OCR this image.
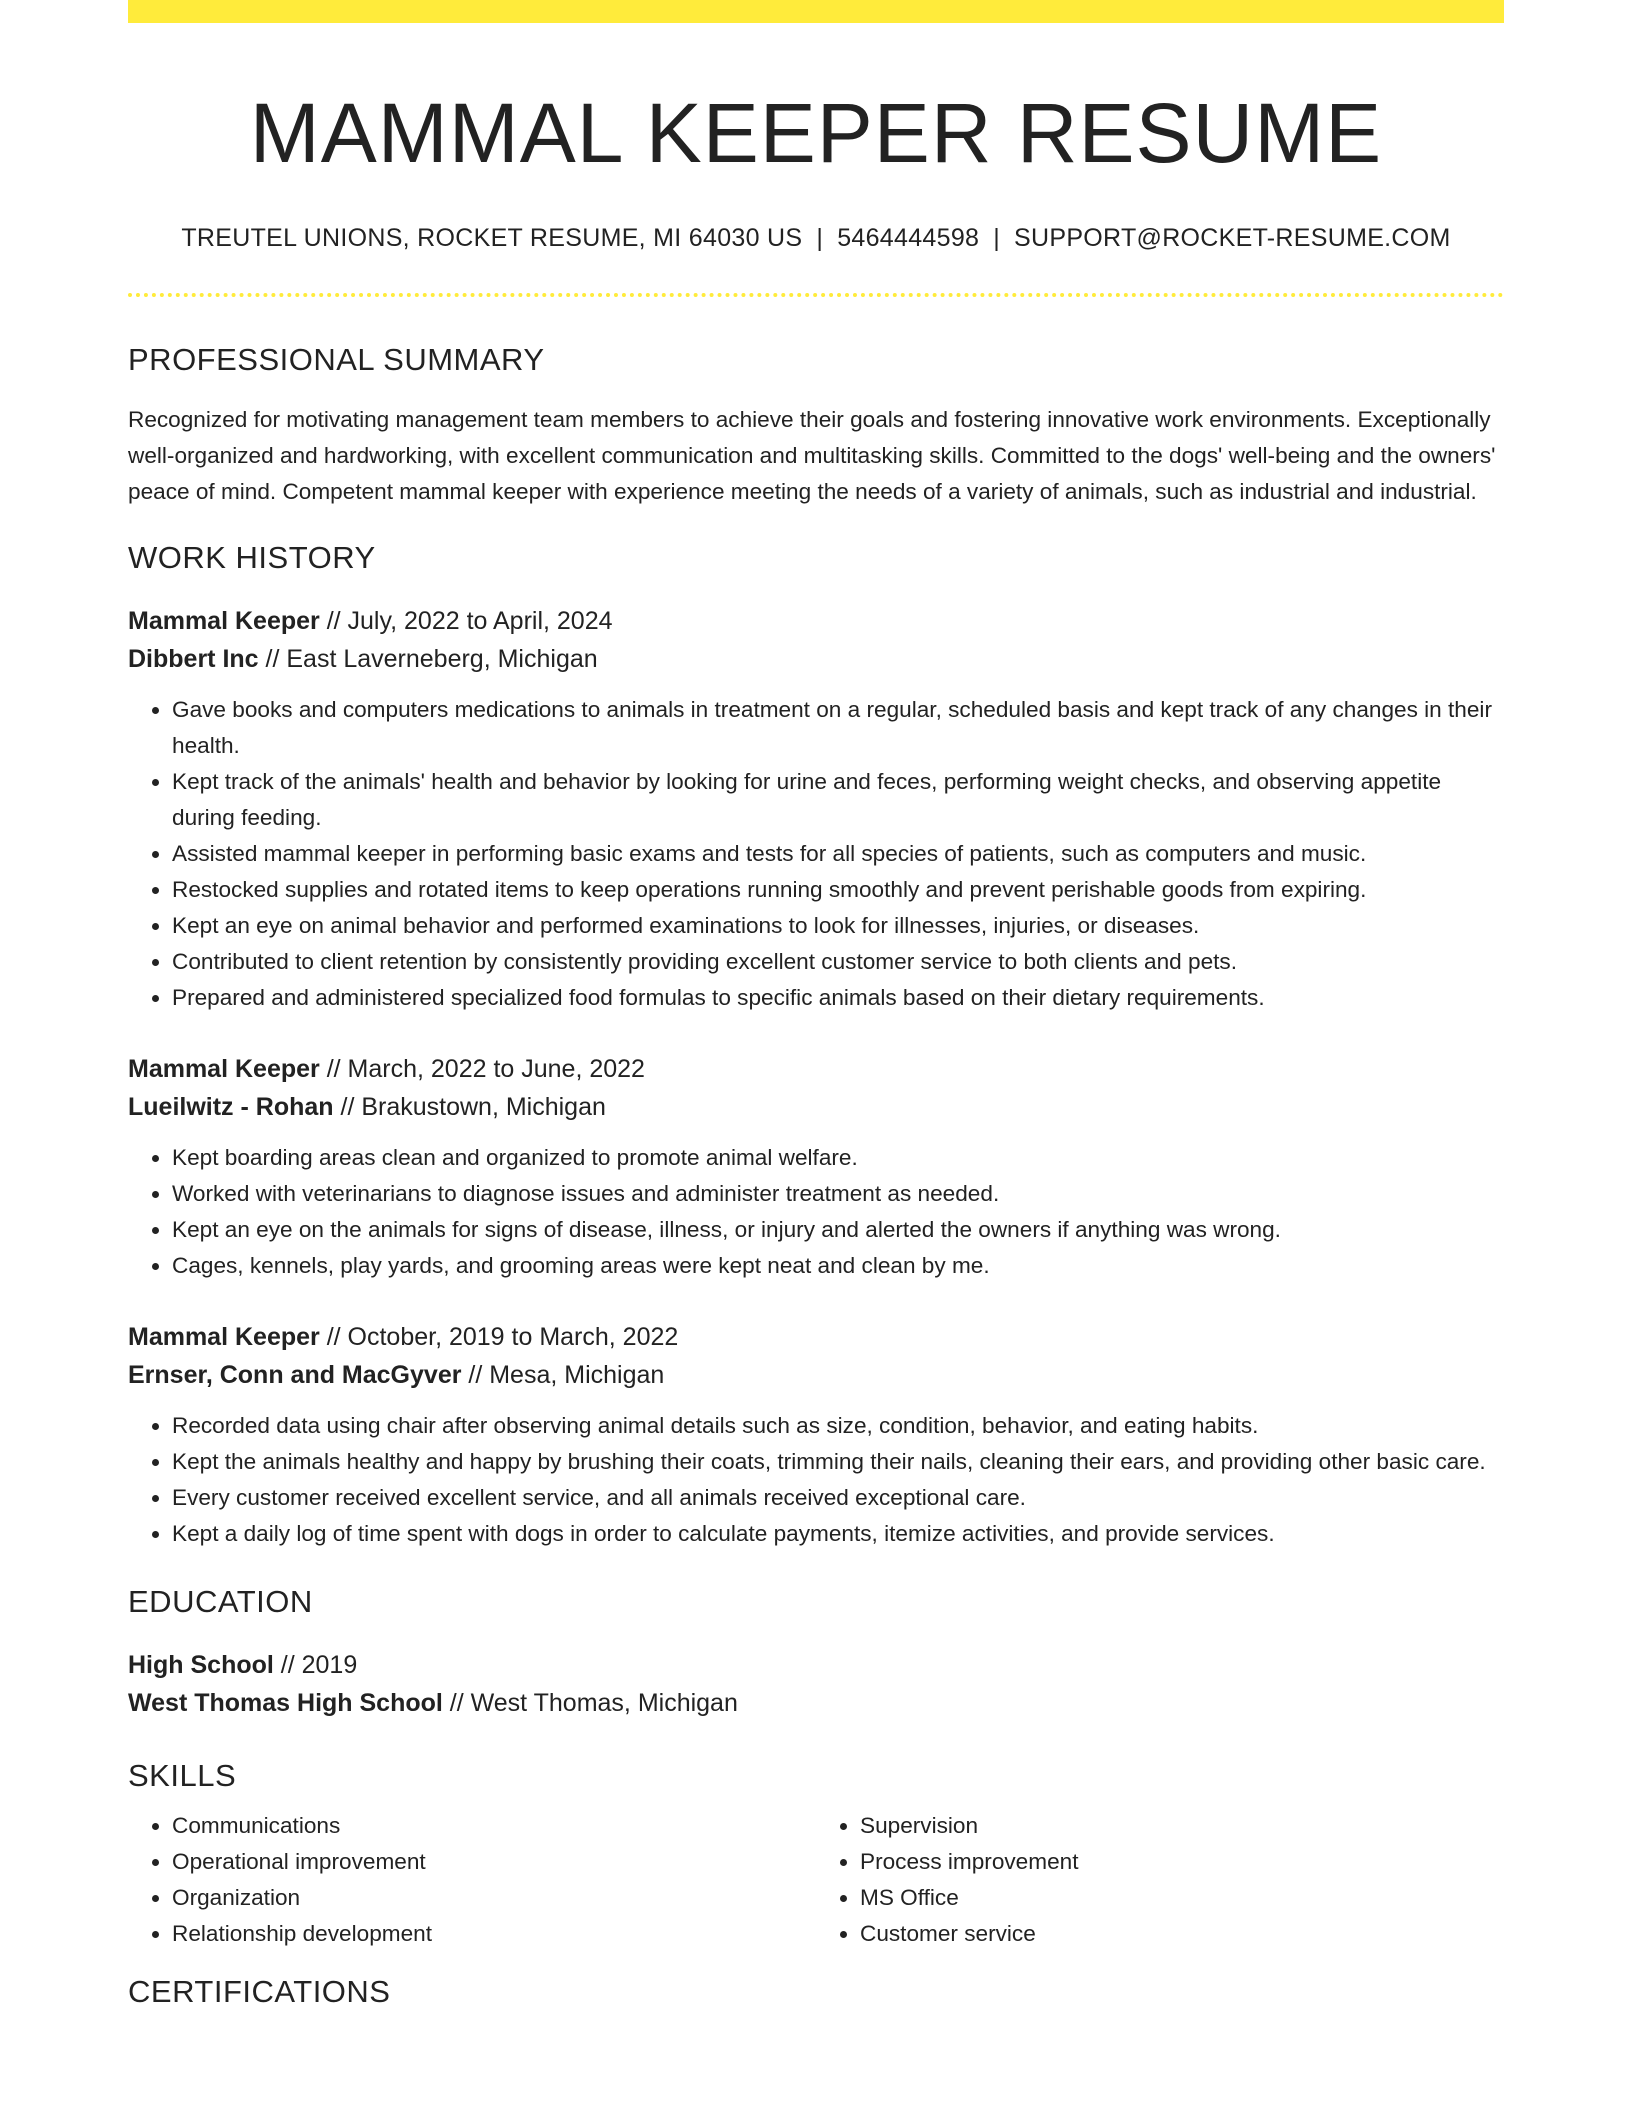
MAMMAL KEEPER RESUME
TREUTEL UNIONS, ROCKET RESUME, MI 64030 US | 5464444598 | SUPPORT@ROCKET-RESUME.COM
PROFESSIONAL SUMMARY

Recognized for motivating management team members to achieve their goals and fostering innovative work environments. Exceptionally well-organized and hardworking, with excellent communication and multitasking skills. Committed to the dogs' well-being and the owners' peace of mind. Competent mammal keeper with experience meeting the needs of a variety of animals, such as industrial and industrial.

WORK HISTORY
Mammal Keeper // July, 2022 to April, 2024
Dibbert Inc // East Laverneberg, Michigan
• Gave books and computers medications to animals in treatment on a regular, scheduled basis and kept track of any changes in their health.
• Kept track of the animals' health and behavior by looking for urine and feces, performing weight checks, and observing appetite during feeding.
• Assisted mammal keeper in performing basic exams and tests for all species of patients, such as computers and music.
• Restocked supplies and rotated items to keep operations running smoothly and prevent perishable goods from expiring.
• Kept an eye on animal behavior and performed examinations to look for illnesses, injuries, or diseases.
• Contributed to client retention by consistently providing excellent customer service to both clients and pets.
• Prepared and administered specialized food formulas to specific animals based on their dietary requirements.
Mammal Keeper // March, 2022 to June, 2022
Lueilwitz - Rohan // Brakustown, Michigan
• Kept boarding areas clean and organized to promote animal welfare.
• Worked with veterinarians to diagnose issues and administer treatment as needed.
• Kept an eye on the animals for signs of disease, illness, or injury and alerted the owners if anything was wrong.
• Cages, kennels, play yards, and grooming areas were kept neat and clean by me.
Mammal Keeper // October, 2019 to March, 2022
Ernser, Conn and MacGyver // Mesa, Michigan
• Recorded data using chair after observing animal details such as size, condition, behavior, and eating habits.
• Kept the animals healthy and happy by brushing their coats, trimming their nails, cleaning their ears, and providing other basic care.
• Every customer received excellent service, and all animals received exceptional care.
• Kept a daily log of time spent with dogs in order to calculate payments, itemize activities, and provide services.
EDUCATION
High School // 2019
West Thomas High School // West Thomas, Michigan
SKILLS
• Communications
• Operational improvement
• Organization
• Relationship development
• Supervision
• Process improvement
• MS Office
• Customer service
CERTIFICATIONS
